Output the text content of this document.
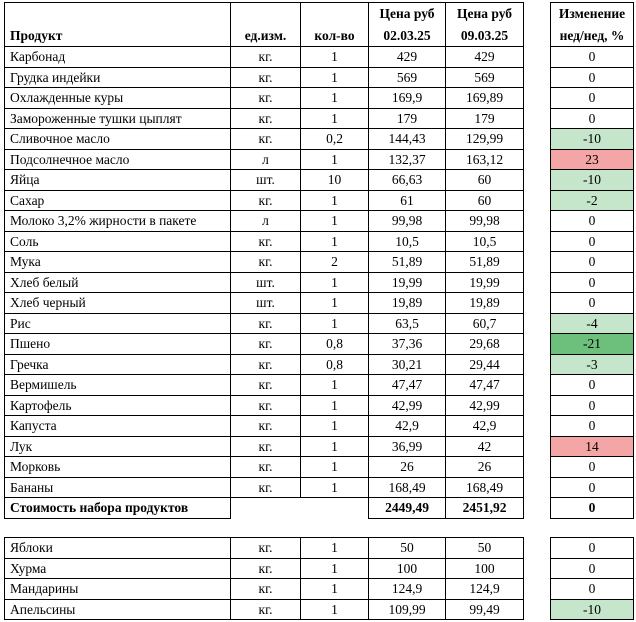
			Цена руб	Цена руб		Изменение
Продукт	ед.изм.	кол-во	02.03.25	09.03.25		нед/нед, %
Карбонад	кг.	1	429	429		0
Грудка индейки	кг.	1	569	569		0
Охлажденные куры	кг.	1	169,9	169,89		0
Замороженные тушки цыплят	кг.	1	179	179		0
Сливочное масло	кг.	0,2	144,43	129,99		-10
Подсолнечное масло	л	1	132,37	163,12		23
Яйца	шт.	10	66,63	60		-10
Сахар	кг.	1	61	60		-2
Молоко 3,2% жирности в пакете	л	1	99,98	99,98		0
Соль	кг.	1	10,5	10,5		0
Мука	кг.	2	51,89	51,89		0
Хлеб белый	шт.	1	19,99	19,99		0
Хлеб черный	шт.	1	19,89	19,89		0
Рис	кг.	1	63,5	60,7		-4
Пшено	кг.	0,8	37,36	29,68		-21
Гречка	кг.	0,8	30,21	29,44		-3
Вермишель	кг.	1	47,47	47,47		0
Картофель	кг.	1	42,99	42,99		0
Капуста	кг.	1	42,9	42,9		0
Лук	кг.	1	36,99	42		14
Морковь	кг.	1	26	26		0
Бананы	кг.	1	168,49	168,49		0
Стоимость набора продуктов			2449,49	2451,92		0
Яблоки	кг.	1	50	50		0
Хурма	кг.	1	100	100		0
Мандарины	кг.	1	124,9	124,9		0
Апельсины	кг.	1	109,99	99,49		-10
